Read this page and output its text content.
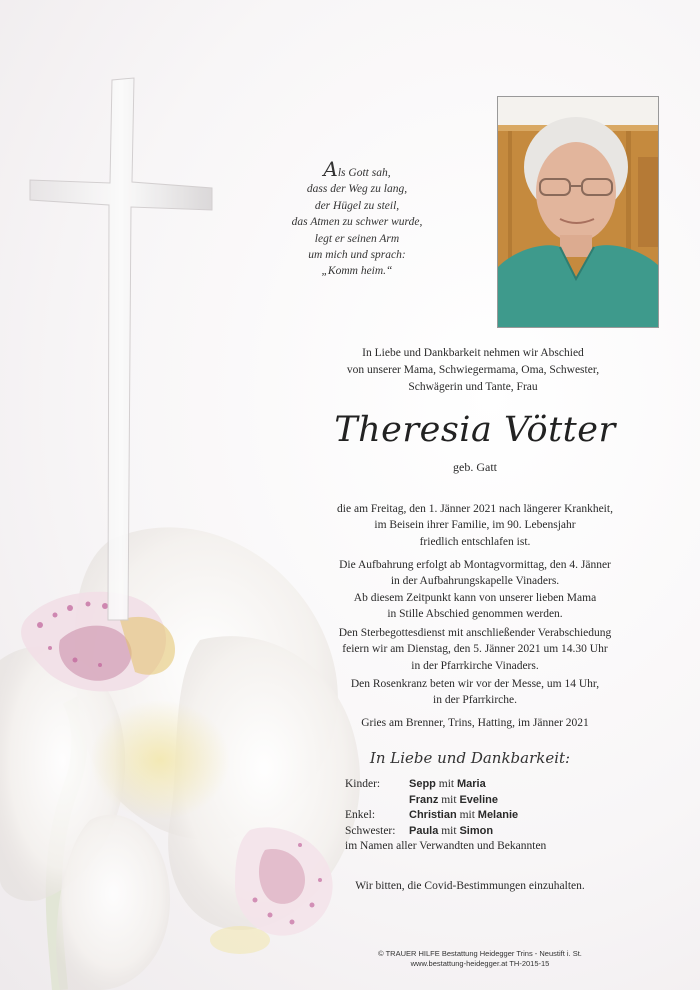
Als Gott sah,
dass der Weg zu lang,
der Hügel zu steil,
das Atmen zu schwer wurde,
legt er seinen Arm
um mich und sprach:
„Komm heim.“
In Liebe und Dankbarkeit nehmen wir Abschied
von unserer Mama, Schwiegermama, Oma, Schwester,
Schwägerin und Tante, Frau
Theresia Vötter
geb. Gatt
die am Freitag, den 1. Jänner 2021 nach längerer Krankheit,
im Beisein ihrer Familie, im 90. Lebensjahr
friedlich entschlafen ist.
Die Aufbahrung erfolgt ab Montagvormittag, den 4. Jänner
in der Aufbahrungskapelle Vinaders.
Ab diesem Zeitpunkt kann von unserer lieben Mama
in Stille Abschied genommen werden.
Den Sterbegottesdienst mit anschließender Verabschiedung
feiern wir am Dienstag, den 5. Jänner 2021 um 14.30 Uhr
in der Pfarrkirche Vinaders.
Den Rosenkranz beten wir vor der Messe, um 14 Uhr,
in der Pfarrkirche.
Gries am Brenner, Trins, Hatting, im Jänner 2021
In Liebe und Dankbarkeit:
Kinder:	Sepp mit Maria
Franz mit Eveline
Enkel:	Christian mit Melanie
Schwester: Paula mit Simon
im Namen aller Verwandten und Bekannten
Wir bitten, die Covid-Bestimmungen einzuhalten.
© TRAUER HILFE Bestattung Heidegger Trins - Neustift i. St.
www.bestattung-heidegger.at TH-2015-15
